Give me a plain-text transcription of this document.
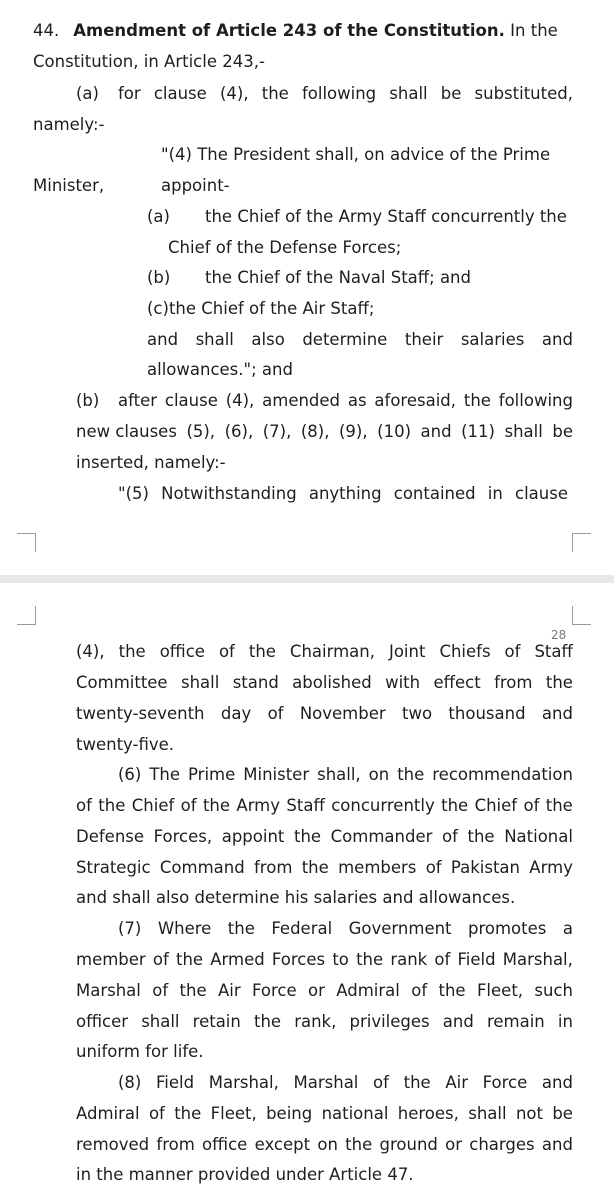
44. Amendment of Article 243 of the Constitution. In the
Constitution, in Article 243,-
(a) for clause (4), the following shall be substituted,
namely:-
"(4) The President shall, on advice of the Prime
Minister,	appoint-
(a) the Chief of the Army Staff concurrently the
Chief of the Defense Forces;
(b) the Chief of the Naval Staff; and
(c)the Chief of the Air Staff;
and shall also determine their salaries and
allowances."; and
(b) after clause (4), amended as aforesaid, the following
new clauses (5), (6), (7), (8), (9), (10) and (11) shall be
inserted, namely:-
"(5) Notwithstanding anything contained in clause
28
(4), the office of the Chairman, Joint Chiefs of Staff
Committee shall stand abolished with effect from the
twenty-seventh day of November two thousand and
twenty-five.
(6) The Prime Minister shall, on the recommendation
of the Chief of the Army Staff concurrently the Chief of the
Defense Forces, appoint the Commander of the National
Strategic Command from the members of Pakistan Army
and shall also determine his salaries and allowances.
(7) Where the Federal Government promotes a
member of the Armed Forces to the rank of Field Marshal,
Marshal of the Air Force or Admiral of the Fleet, such
officer shall retain the rank, privileges and remain in
uniform for life.
(8) Field Marshal, Marshal of the Air Force and
Admiral of the Fleet, being national heroes, shall not be
removed from office except on the ground or charges and
in the manner provided under Article 47.
